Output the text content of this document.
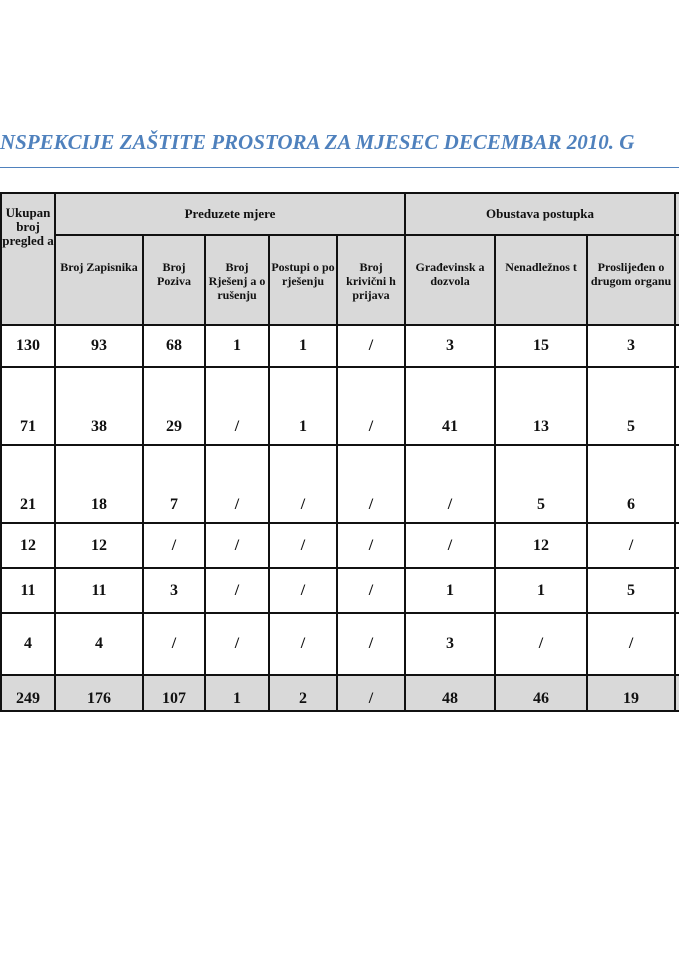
NSPEKCIJE ZAŠTITE PROSTORA ZA MJESEC DECEMBAR 2010. G
Ukupan broj pregled a	Preduzete mjere					Obustava postupka			
	Broj Zapisnika	Broj Poziva	Broj Rješenj a o rušenju	Postupi o po rješenju	Broj krivični h prijava	Građevinsk a dozvola	Nenadležnos t	Proslijeđen o drugom organu	
130	93	68	1	1	/	3	15	3	
71	38	29	/	1	/	41	13	5	
21	18	7	/	/	/	/	5	6	
12	12	/	/	/	/	/	12	/	
11	11	3	/	/	/	1	1	5	
4	4	/	/	/	/	3	/	/	
249	176	107	1	2	/	48	46	19	
